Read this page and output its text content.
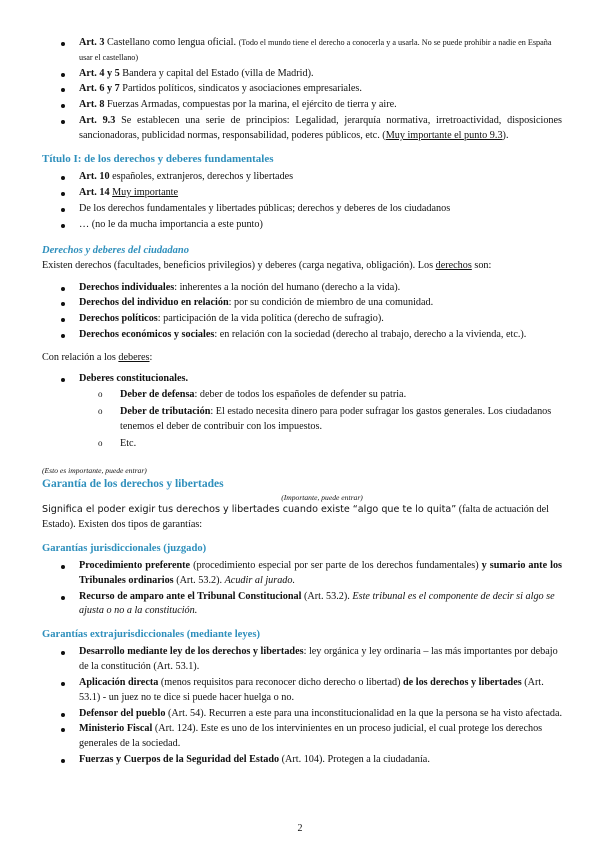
Art. 3 Castellano como lengua oficial. (Todo el mundo tiene el derecho a conocerla y a usarla. No se puede prohibir a nadie en España usar el castellano)
Art. 4 y 5 Bandera y capital del Estado (villa de Madrid).
Art. 6 y 7 Partidos políticos, sindicatos y asociaciones empresariales.
Art. 8 Fuerzas Armadas, compuestas por la marina, el ejército de tierra y aire.
Art. 9.3 Se establecen una serie de principios: Legalidad, jerarquía normativa, irretroactividad, disposiciones sancionadoras, publicidad normas, responsabilidad, poderes públicos, etc. (Muy importante el punto 9.3).
Título I: de los derechos y deberes fundamentales
Art. 10 españoles, extranjeros, derechos y libertades
Art. 14 Muy importante
De los derechos fundamentales y libertades públicas; derechos y deberes de los ciudadanos
… (no le da mucha importancia a este punto)
Derechos y deberes del ciudadano

Existen derechos (facultades, beneficios privilegios) y deberes (carga negativa, obligación). Los derechos son:

Derechos individuales: inherentes a la noción del humano (derecho a la vida).
Derechos del individuo en relación: por su condición de miembro de una comunidad.
Derechos políticos: participación de la vida política (derecho de sufragio).
Derechos económicos y sociales: en relación con la sociedad (derecho al trabajo, derecho a la vivienda, etc.).

Con relación a los deberes:

Deberes constitucionales.
o Deber de defensa: deber de todos los españoles de defender su patria.
o Deber de tributación: El estado necesita dinero para poder sufragar los gastos generales. Los ciudadanos tenemos el deber de contribuir con los impuestos.
o Etc.
(Esto es importante, puede entrar)
Garantía de los derechos y libertades
(Importante, puede entrar)

Significa el poder exigir tus derechos y libertades cuando existe “algo que te lo quita” (falta de actuación del Estado). Existen dos tipos de garantías:

Garantías jurisdiccionales (juzgado)
Procedimiento preferente (procedimiento especial por ser parte de los derechos fundamentales) y sumario ante los Tribunales ordinarios (Art. 53.2). Acudir al jurado.
Recurso de amparo ante el Tribunal Constitucional (Art. 53.2). Este tribunal es el componente de decir si algo se ajusta o no a la constitución.
Garantías extrajurisdiccionales (mediante leyes)
Desarrollo mediante ley de los derechos y libertades: ley orgánica y ley ordinaria – las más importantes por debajo de la constitución (Art. 53.1).
Aplicación directa (menos requisitos para reconocer dicho derecho o libertad) de los derechos y libertades (Art. 53.1) - un juez no te dice si puede hacer huelga o no.
Defensor del pueblo (Art. 54). Recurren a este para una inconstitucionalidad en la que la persona se ha visto afectada.
Ministerio Fiscal (Art. 124). Este es uno de los intervinientes en un proceso judicial, el cual protege los derechos generales de la sociedad.
Fuerzas y Cuerpos de la Seguridad del Estado (Art. 104). Protegen a la ciudadanía.
2
